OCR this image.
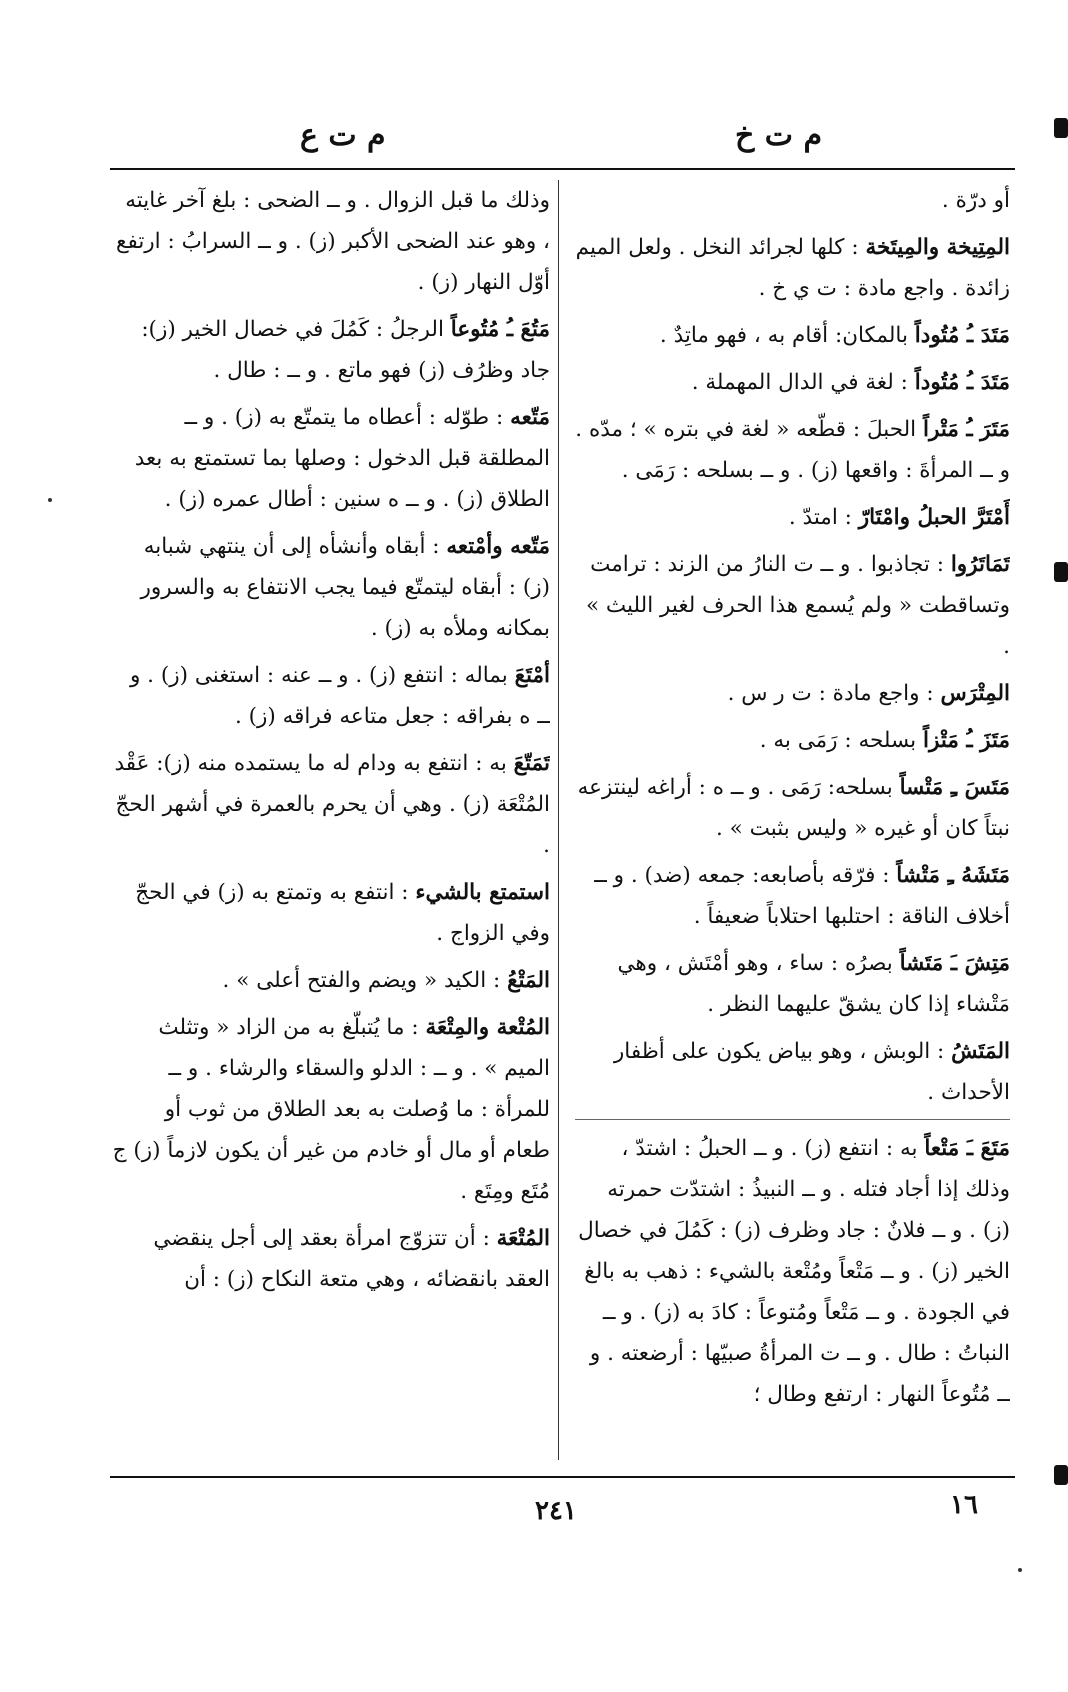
م ت ع	م ت خ
أو درّة .
المِتِيخة والمِيتَخة : كلها لجرائد النخل . ولعل الميم زائدة . واجع مادة : ت ي خ .
مَتَدَ ـُ مُتُوداً بالمكان: أقام به ، فهو ماتِدٌ .
مَتَدَ ـُ مُتُوداً : لغة في الدال المهملة .
مَتَرَ ـُ مَتْراً الحبلَ : قطّعه « لغة في بتره » ؛ مدّه . و ــ المرأةَ : واقعها (ز) . و ــ بسلحه : رَمَى .
أَمْتَرَّ الحبلُ وامْتَارّ : امتدّ .
تَمَاتَرُوا : تجاذبوا . و ــ ت النارُ من الزند : ترامت وتساقطت « ولم يُسمع هذا الحرف لغير الليث » .
المِتْرَس : واجع مادة : ت ر س .
مَتَزَ ـُ مَتْزاً بسلحه : رَمَى به .
مَتَسَ ـِ مَتْساً بسلحه: رَمَى . و ــ ه : أراغه لينتزعه نبتاً كان أو غيره « وليس بثبت » .
مَتَشَهُ ـِ مَتْشاً : فرّقه بأصابعه: جمعه (ضد) . و ــ أخلاف الناقة : احتلبها احتلاباً ضعيفاً .
مَتِشَ ـَ مَتَشاً بصرُه : ساء ، وهو أمْتَش ، وهي مَتْشاء إذا كان يشقّ عليهما النظر .
المَتَشُ : الوبش ، وهو بياض يكون على أظفار الأحداث .
مَتَعَ ـَ مَتْعاً به : انتفع (ز) . و ــ الحبلُ : اشتدّ ، وذلك إذا أجاد فتله . و ــ النبيذُ : اشتدّت حمرته (ز) . و ــ فلانٌ : جاد وظرف (ز) : كَمُلَ في خصال الخير (ز) . و ــ مَتْعاً ومُتْعة بالشيء : ذهب به بالغ في الجودة . و ــ مَتْعاً ومُتوعاً : كادَ به (ز) . و ــ النباتُ : طال . و ــ ت المرأةُ صبيّها : أرضعته . و ــ مُتُوعاً النهار : ارتفع وطال ؛
وذلك ما قبل الزوال . و ــ الضحى : بلغ آخر غايته ، وهو عند الضحى الأكبر (ز) . و ــ السرابُ : ارتفع أوّل النهار (ز) .
مَتُعَ ـُ مُتُوعاً الرجلُ : كَمُلَ في خصال الخير (ز): جاد وظرُف (ز) فهو ماتع . و ــ : طال .
مَتّعه : طوّله : أعطاه ما يتمتّع به (ز) . و ــ المطلقة قبل الدخول : وصلها بما تستمتع به بعد الطلاق (ز) . و ــ ه سنين : أطال عمره (ز) .
مَتّعه وأمْتعه : أبقاه وأنشأه إلى أن ينتهي شبابه (ز) : أبقاه ليتمتّع فيما يجب الانتفاع به والسرور بمكانه وملأه به (ز) .
أمْتَعَ بماله : انتفع (ز) . و ــ عنه : استغنى (ز) . و ــ ه بفراقه : جعل متاعه فراقه (ز) .
تَمَتّعَ به : انتفع به ودام له ما يستمده منه (ز): عَقْد المُتْعَة (ز) . وهي أن يحرم بالعمرة في أشهر الحجّ .
استمتع بالشيء : انتفع به وتمتع به (ز) في الحجّ وفي الزواج .
المَتْعُ : الكيد « ويضم والفتح أعلى » .
المُتْعة والمِتْعَة : ما يُتبلّغ به من الزاد « وتثلث الميم » . و ــ : الدلو والسقاء والرشاء . و ــ للمرأة : ما وُصلت به بعد الطلاق من ثوب أو طعام أو مال أو خادم من غير أن يكون لازماً (ز) ج مُتَع ومِتَع .
المُتْعَة : أن تتزوّج امرأة بعقد إلى أجل ينقضي العقد بانقضائه ، وهي متعة النكاح (ز) : أن
٢٤١	١٦
